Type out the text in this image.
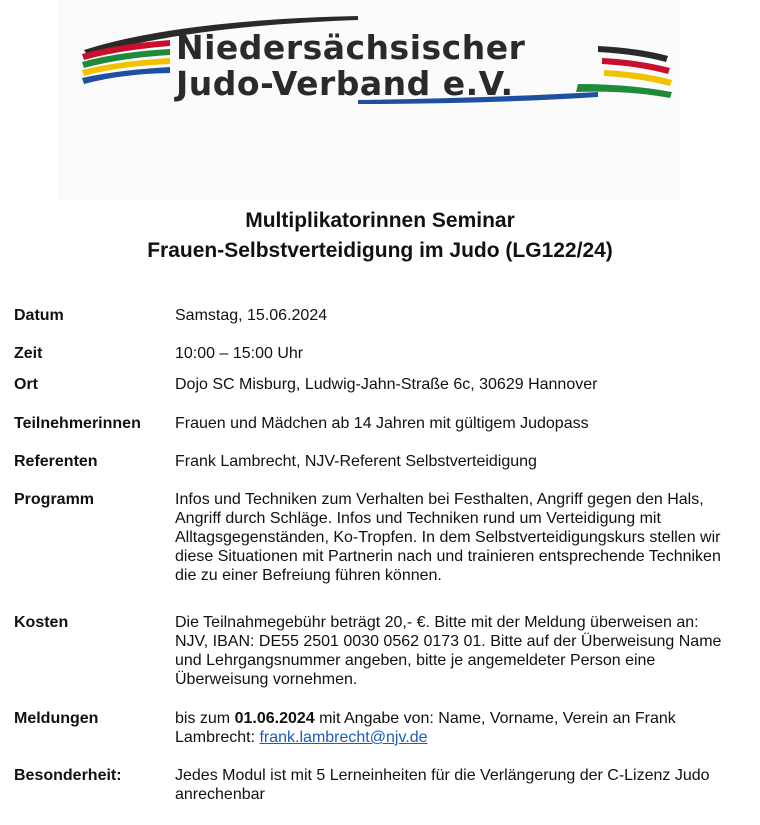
Niedersächsischer
Judo-Verband e.V.
Multiplikatorinnen Seminar
Frauen-Selbstverteidigung im Judo (LG122/24)
Datum	Samstag, 15.06.2024
Zeit	10:00 – 15:00 Uhr
Ort	Dojo SC Misburg, Ludwig-Jahn-Straße 6c, 30629 Hannover
Teilnehmerinnen Frauen und Mädchen ab 14 Jahren mit gültigem Judopass
Referenten	Frank Lambrecht, NJV-Referent Selbstverteidigung
Programm	Infos und Techniken zum Verhalten bei Festhalten, Angriff gegen den Hals,
Angriff durch Schläge. Infos und Techniken rund um Verteidigung mit
Alltagsgegenständen, Ko-Tropfen. In dem Selbstverteidigungskurs stellen wir
diese Situationen mit Partnerin nach und trainieren entsprechende Techniken
die zu einer Befreiung führen können.
Kosten	Die Teilnahmegebühr beträgt 20,- €. Bitte mit der Meldung überweisen an:
NJV, IBAN: DE55 2501 0030 0562 0173 01. Bitte auf der Überweisung Name
und Lehrgangsnummer angeben, bitte je angemeldeter Person eine
Überweisung vornehmen.
Meldungen	bis zum 01.06.2024 mit Angabe von: Name, Vorname, Verein an Frank
Lambrecht: frank.lambrecht@njv.de
Besonderheit:	Jedes Modul ist mit 5 Lerneinheiten für die Verlängerung der C-Lizenz Judo
anrechenbar
